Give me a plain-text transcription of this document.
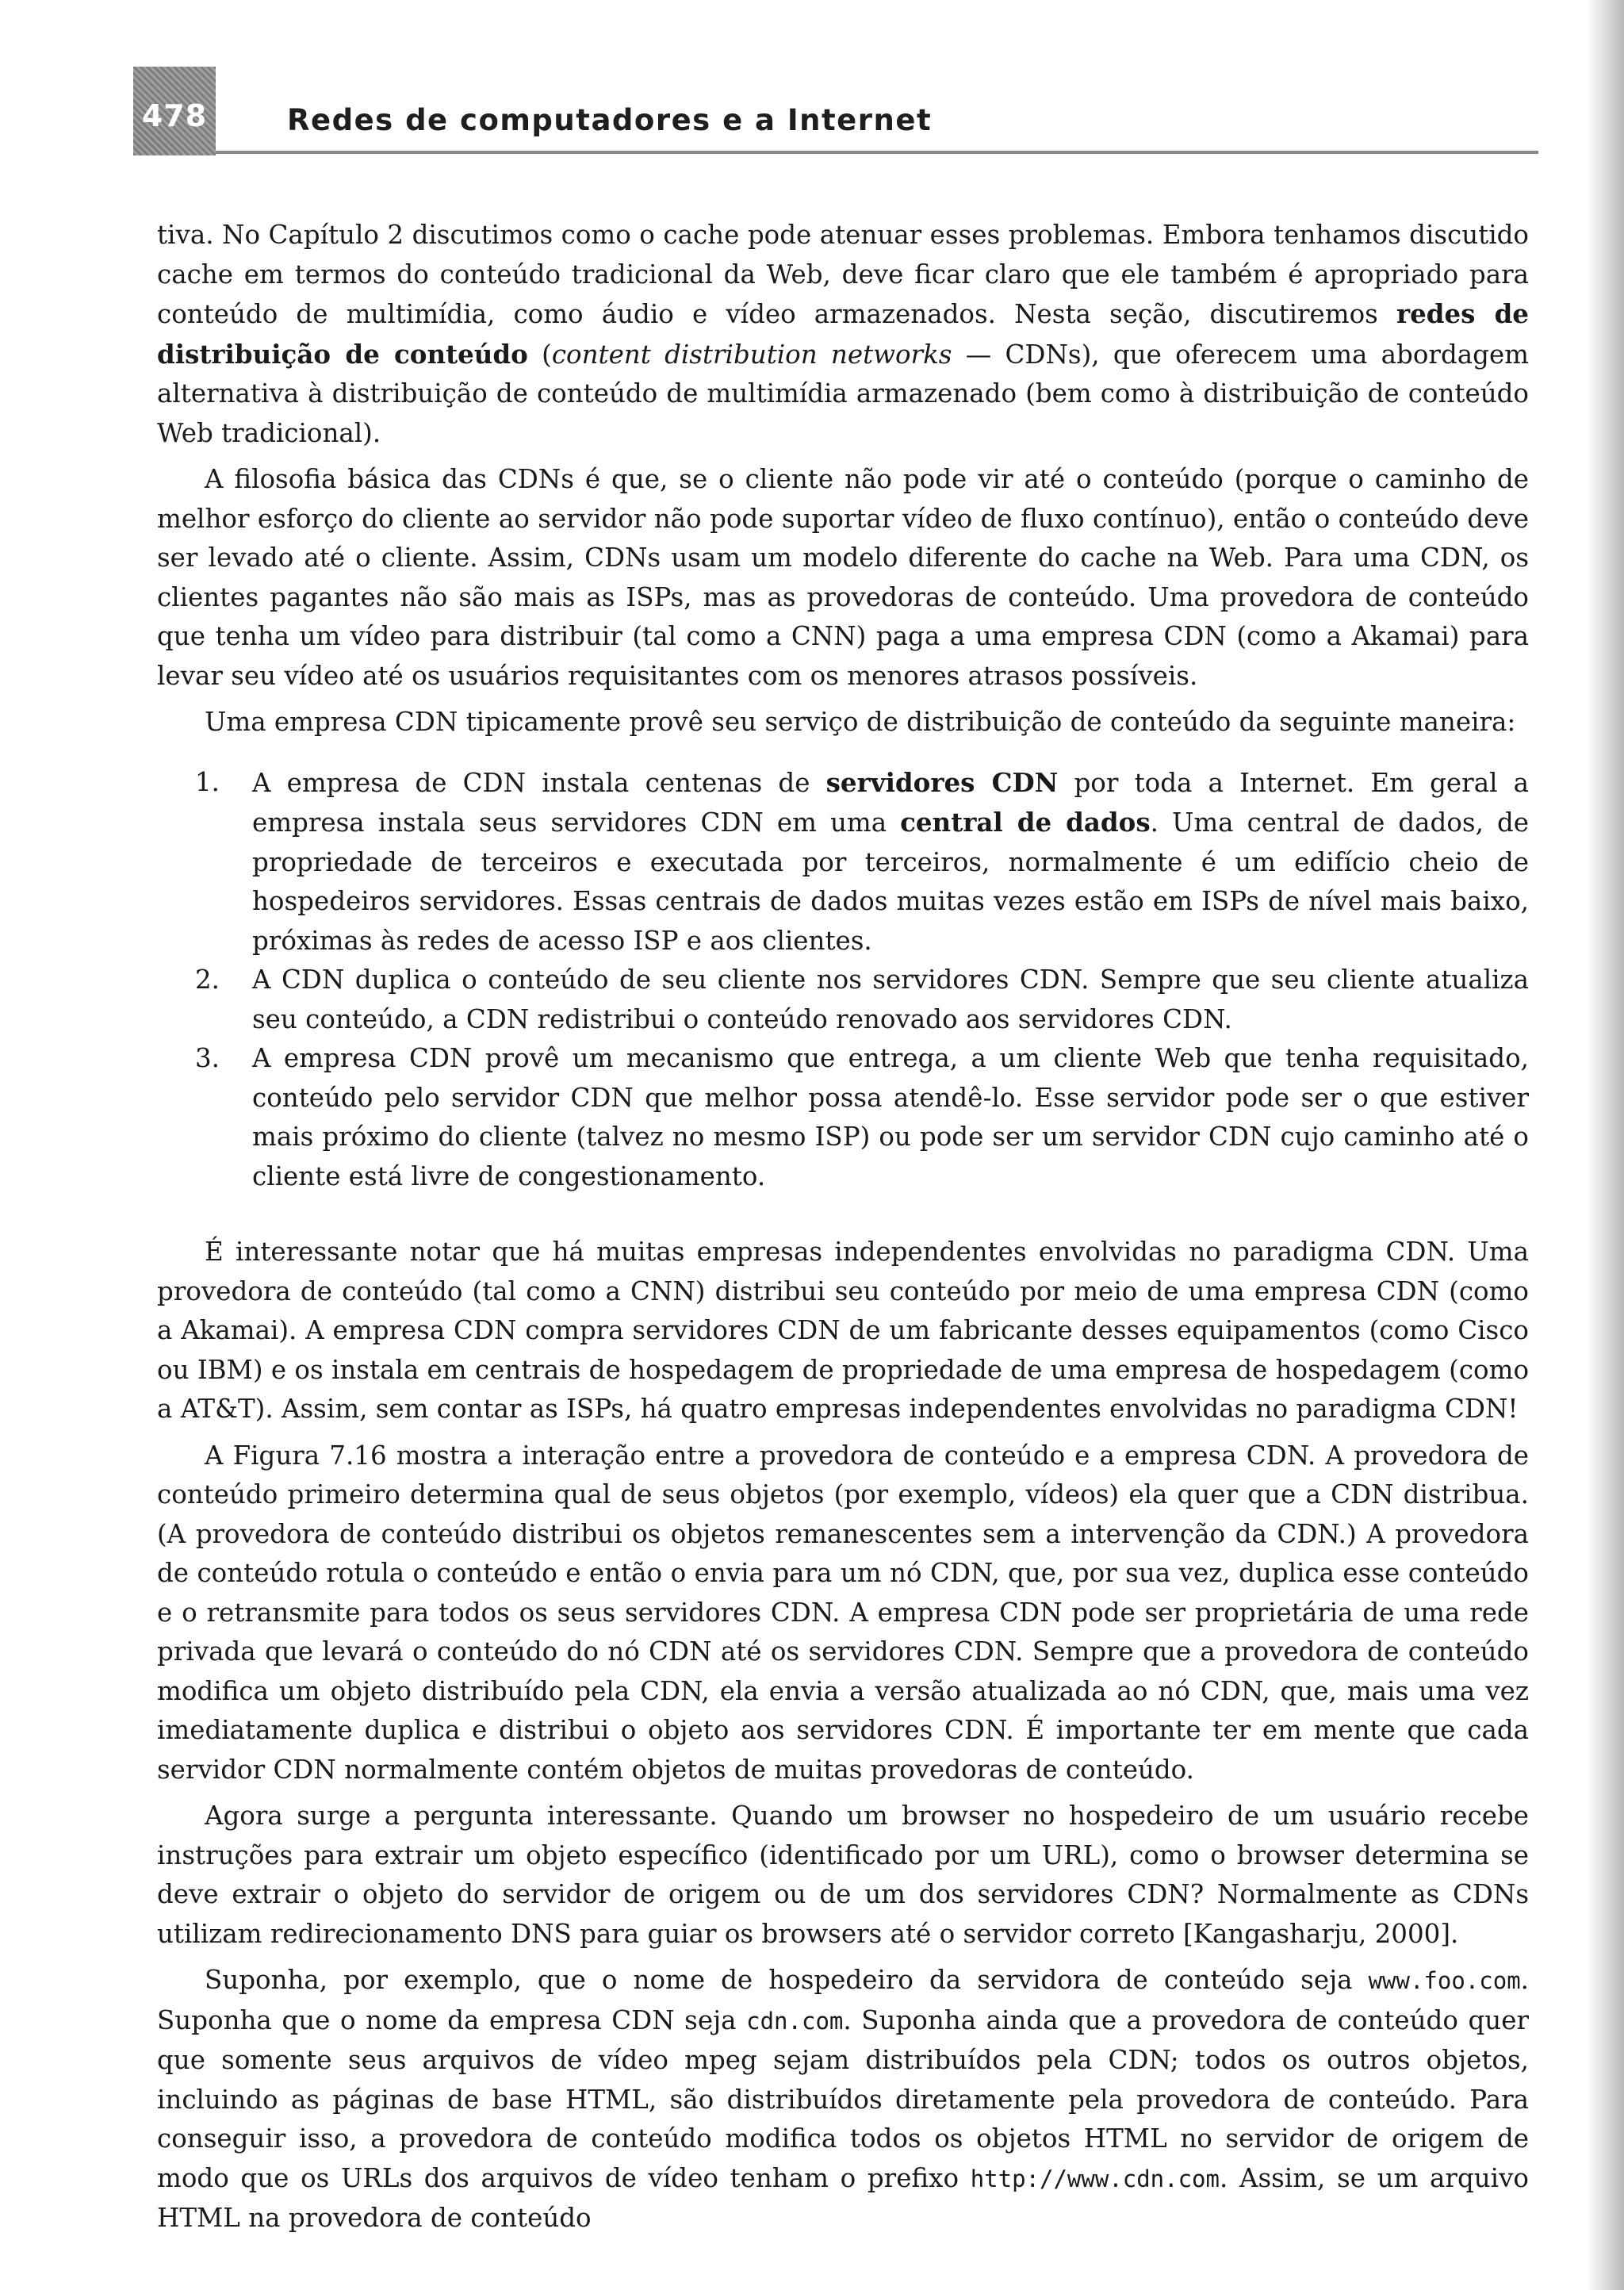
478	Redes de computadores e a Internet

tiva. No Capítulo 2 discutimos como o cache pode atenuar esses problemas. Embora tenhamos discutido cache em termos do conteúdo tradicional da Web, deve ficar claro que ele também é apropriado para conteúdo de multimídia, como áudio e vídeo armazenados. Nesta seção, discutiremos redes de distribuição de conteúdo (content distribution networks — CDNs), que oferecem uma abordagem alternativa à distribuição de conteúdo de multimídia armazenado (bem como à distribuição de conteúdo Web tradicional).

A filosofia básica das CDNs é que, se o cliente não pode vir até o conteúdo (porque o caminho de melhor esforço do cliente ao servidor não pode suportar vídeo de fluxo contínuo), então o conteúdo deve ser levado até o cliente. Assim, CDNs usam um modelo diferente do cache na Web. Para uma CDN, os clientes pagantes não são mais as ISPs, mas as provedoras de conteúdo. Uma provedora de conteúdo que tenha um vídeo para distribuir (tal como a CNN) paga a uma empresa CDN (como a Akamai) para levar seu vídeo até os usuários requisitantes com os menores atrasos possíveis.

Uma empresa CDN tipicamente provê seu serviço de distribuição de conteúdo da seguinte maneira:

1. A empresa de CDN instala centenas de servidores CDN por toda a Internet. Em geral a empresa instala seus servidores CDN em uma central de dados. Uma central de dados, de propriedade de terceiros e executada por terceiros, normalmente é um edifício cheio de hospedeiros servidores. Essas centrais de dados muitas vezes estão em ISPs de nível mais baixo, próximas às redes de acesso ISP e aos clientes.
2. A CDN duplica o conteúdo de seu cliente nos servidores CDN. Sempre que seu cliente atualiza seu conteúdo, a CDN redistribui o conteúdo renovado aos servidores CDN.
3. A empresa CDN provê um mecanismo que entrega, a um cliente Web que tenha requisitado, conteúdo pelo servidor CDN que melhor possa atendê-lo. Esse servidor pode ser o que estiver mais próximo do cliente (talvez no mesmo ISP) ou pode ser um servidor CDN cujo caminho até o cliente está livre de congestionamento.

É interessante notar que há muitas empresas independentes envolvidas no paradigma CDN. Uma provedora de conteúdo (tal como a CNN) distribui seu conteúdo por meio de uma empresa CDN (como a Akamai). A empresa CDN compra servidores CDN de um fabricante desses equipamentos (como Cisco ou IBM) e os instala em centrais de hospedagem de propriedade de uma empresa de hospedagem (como a AT&T). Assim, sem contar as ISPs, há quatro empresas independentes envolvidas no paradigma CDN!

A Figura 7.16 mostra a interação entre a provedora de conteúdo e a empresa CDN. A provedora de conteúdo primeiro determina qual de seus objetos (por exemplo, vídeos) ela quer que a CDN distribua. (A provedora de conteúdo distribui os objetos remanescentes sem a intervenção da CDN.) A provedora de conteúdo rotula o conteúdo e então o envia para um nó CDN, que, por sua vez, duplica esse conteúdo e o retransmite para todos os seus servidores CDN. A empresa CDN pode ser proprietária de uma rede privada que levará o conteúdo do nó CDN até os servidores CDN. Sempre que a provedora de conteúdo modifica um objeto distribuído pela CDN, ela envia a versão atualizada ao nó CDN, que, mais uma vez imediatamente duplica e distribui o objeto aos servidores CDN. É importante ter em mente que cada servidor CDN normalmente contém objetos de muitas provedoras de conteúdo.

Agora surge a pergunta interessante. Quando um browser no hospedeiro de um usuário recebe instruções para extrair um objeto específico (identificado por um URL), como o browser determina se deve extrair o objeto do servidor de origem ou de um dos servidores CDN? Normalmente as CDNs utilizam redirecionamento DNS para guiar os browsers até o servidor correto [Kangasharju, 2000].

Suponha, por exemplo, que o nome de hospedeiro da servidora de conteúdo seja www.foo.com. Suponha que o nome da empresa CDN seja cdn.com. Suponha ainda que a provedora de conteúdo quer que somente seus arquivos de vídeo mpeg sejam distribuídos pela CDN; todos os outros objetos, incluindo as páginas de base HTML, são distribuídos diretamente pela provedora de conteúdo. Para conseguir isso, a provedora de conteúdo modifica todos os objetos HTML no servidor de origem de modo que os URLs dos arquivos de vídeo tenham o prefixo http://www.cdn.com. Assim, se um arquivo HTML na provedora de conteúdo
